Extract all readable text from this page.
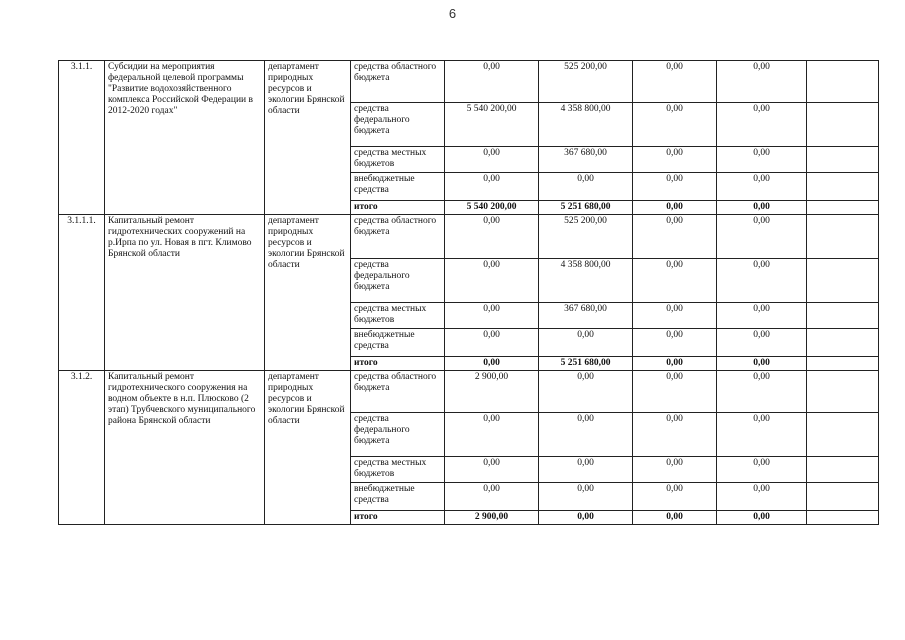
6
3.1.1.	Субсидии на мероприятия федеральной целевой программы "Развитие водохозяйственного комплекса Российской Федерации в 2012-2020 годах"	департамент природных ресурсов и экологии Брянской области	средства областного бюджета	0,00	525 200,00	0,00	0,00	
			средства федерального бюджета	5 540 200,00	4 358 800,00	0,00	0,00	
			средства местных бюджетов	0,00	367 680,00	0,00	0,00	
			внебюджетные средства	0,00	0,00	0,00	0,00	
			итого	5 540 200,00	5 251 680,00	0,00	0,00	
3.1.1.1.	Капитальный ремонт гидротехнических сооружений на р.Ирпа по ул. Новая в пгт. Климово Брянской области	департамент природных ресурсов и экологии Брянской области	средства областного бюджета	0,00	525 200,00	0,00	0,00	
			средства федерального бюджета	0,00	4 358 800,00	0,00	0,00	
			средства местных бюджетов	0,00	367 680,00	0,00	0,00	
			внебюджетные средства	0,00	0,00	0,00	0,00	
			итого	0,00	5 251 680,00	0,00	0,00	
3.1.2.	Капитальный ремонт гидротехнического сооружения на водном объекте в н.п. Плюсково (2 этап) Трубчевского муниципального района Брянской области	департамент природных ресурсов и экологии Брянской области	средства областного бюджета	2 900,00	0,00	0,00	0,00	
			средства федерального бюджета	0,00	0,00	0,00	0,00	
			средства местных бюджетов	0,00	0,00	0,00	0,00	
			внебюджетные средства	0,00	0,00	0,00	0,00	
			итого	2 900,00	0,00	0,00	0,00	
